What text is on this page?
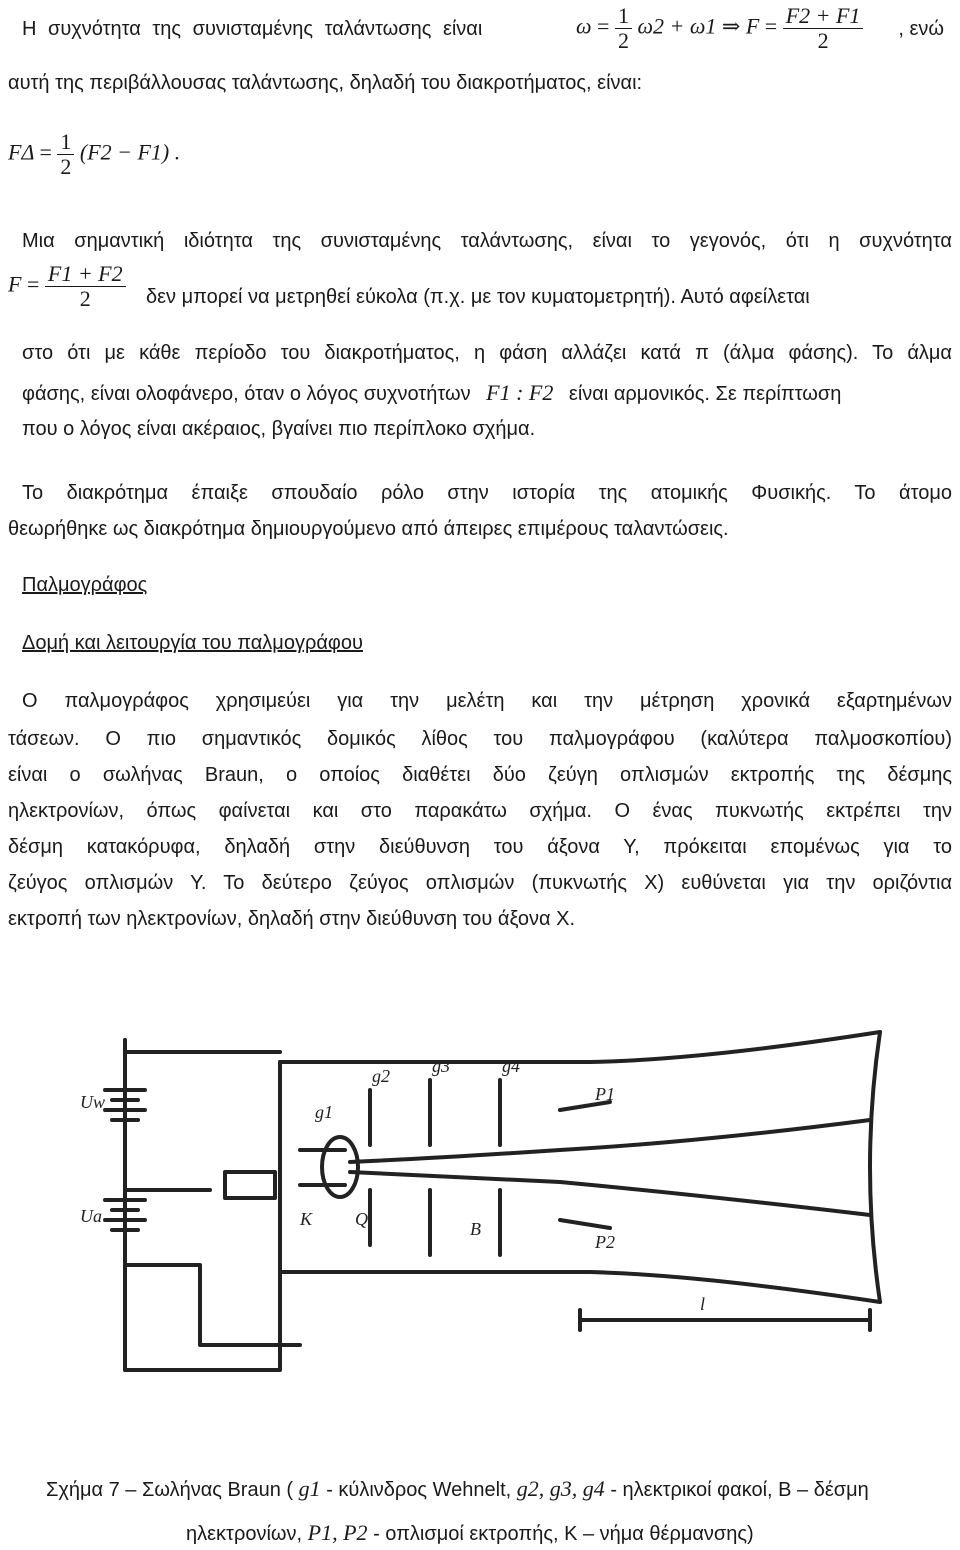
Η συχνότητα της συνισταμένης ταλάντωσης είναι	$\omega = \frac{1}{2} \omega 2 + \omega 1$ ⇒ $F = \frac{F2 + F1}{2}$ , ενώ
αυτή της περιβάλλουσας ταλάντωσης, δηλαδή του διακροτήματος, είναι:
$F\Delta = \frac{1}{2} (F2 - F1)$ .
Μια σημαντική ιδιότητα της συνισταμένης ταλάντωσης, είναι το γεγονός, ότι η συχνότητα
$F = \frac{F1 + F2}{2}$ δεν μπορεί να μετρηθεί εύκολα (π.χ. με τον κυματομετρητή). Αυτό αφείλεται
στο ότι με κάθε περίοδο του διακροτήματος, η φάση αλλάζει κατά π (άλμα φάσης). Το άλμα
φάσης, είναι ολοφάνερο, όταν ο λόγος συχνοτήτων F1 : F2 είναι αρμονικός. Σε περίπτωση
που ο λόγος είναι ακέραιος, βγαίνει πιο περίπλοκο σχήμα.
Το διακρότημα έπαιξε σπουδαίο ρόλο στην ιστορία της ατομικής Φυσικής. Το άτομο
θεωρήθηκε ως διακρότημα δημιουργούμενο από άπειρες επιμέρους ταλαντώσεις.
Παλμογράφος
Δομή και λειτουργία του παλμογράφου
Ο παλμογράφος χρησιμεύει για την μελέτη και την μέτρηση χρονικά εξαρτημένων
τάσεων. Ο πιο σημαντικός δομικός λίθος του παλμογράφου (καλύτερα παλμοσκοπίου)
είναι ο σωλήνας Braun, ο οποίος διαθέτει δύο ζεύγη οπλισμών εκτροπής της δέσμης
ηλεκτρονίων, όπως φαίνεται και στο παρακάτω σχήμα. Ο ένας πυκνωτής εκτρέπει την
δέσμη κατακόρυφα, δηλαδή στην διεύθυνση του άξονα Υ, πρόκειται επομένως για το
ζεύγος οπλισμών Υ. Το δεύτερο ζεύγος οπλισμών (πυκνωτής Χ) ευθύνεται για την οριζόντια
εκτροπή των ηλεκτρονίων, δηλαδή στην διεύθυνση του άξονα Χ.
Uw
Ua
g1
g2 g3	g4
K Q	B
P1
P2
l
Σχήμα 7 – Σωλήνας Braun ( g1 - κύλινδρος Wehnelt, g2, g3, g4 - ηλεκτρικοί φακοί, B – δέσμη
ηλεκτρονίων, P1, P2 - οπλισμοί εκτροπής, K – νήμα θέρμανσης)
